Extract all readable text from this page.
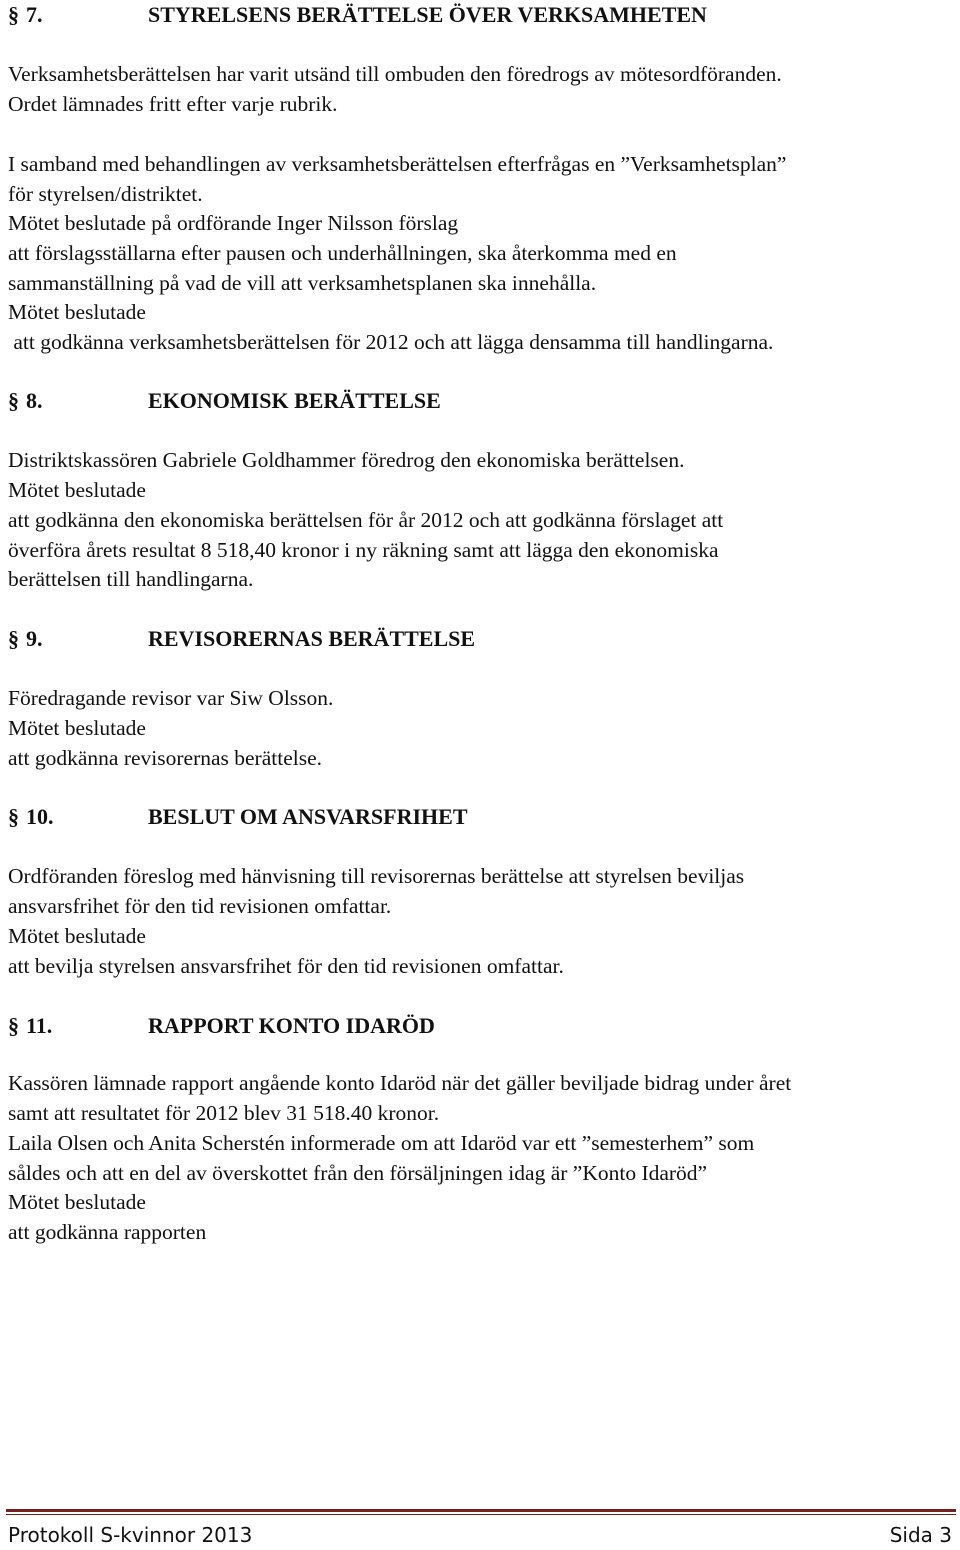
§ 7.	STYRELSENS BERÄTTELSE ÖVER VERKSAMHETEN

Verksamhetsberättelsen har varit utsänd till ombuden den föredrogs av mötesordföranden.

Ordet lämnades fritt efter varje rubrik.

I samband med behandlingen av verksamhetsberättelsen efterfrågas en ”Verksamhetsplan”

för styrelsen/distriktet.

Mötet beslutade på ordförande Inger Nilsson förslag

att förslagsställarna efter pausen och underhållningen, ska återkomma med en

sammanställning på vad de vill att verksamhetsplanen ska innehålla.

Mötet beslutade

att godkänna verksamhetsberättelsen för 2012 och att lägga densamma till handlingarna.

§ 8.	EKONOMISK BERÄTTELSE

Distriktskassören Gabriele Goldhammer föredrog den ekonomiska berättelsen.

Mötet beslutade

att godkänna den ekonomiska berättelsen för år 2012 och att godkänna förslaget att

överföra årets resultat 8 518,40 kronor i ny räkning samt att lägga den ekonomiska

berättelsen till handlingarna.

§ 9.	REVISORERNAS BERÄTTELSE

Föredragande revisor var Siw Olsson.

Mötet beslutade

att godkänna revisorernas berättelse.

§ 10.	BESLUT OM ANSVARSFRIHET

Ordföranden föreslog med hänvisning till revisorernas berättelse att styrelsen beviljas

ansvarsfrihet för den tid revisionen omfattar.

Mötet beslutade

att bevilja styrelsen ansvarsfrihet för den tid revisionen omfattar.

§ 11.	RAPPORT KONTO IDARÖD

Kassören lämnade rapport angående konto Idaröd när det gäller beviljade bidrag under året

samt att resultatet för 2012 blev 31 518.40 kronor.

Laila Olsen och Anita Scherstén informerade om att Idaröd var ett ”semesterhem” som

såldes och att en del av överskottet från den försäljningen idag är ”Konto Idaröd”

Mötet beslutade

att godkänna rapporten

Protokoll S-kvinnor 2013	Sida 3
